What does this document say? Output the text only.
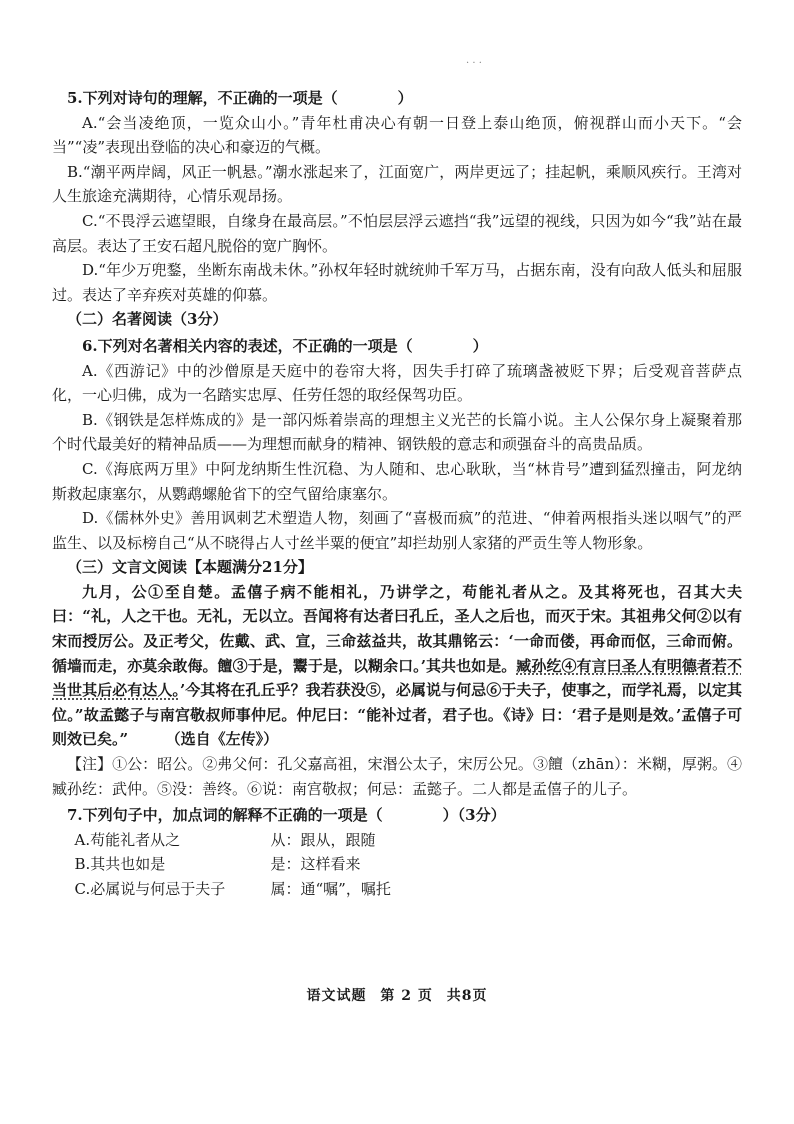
· · ·

5.下列对诗句的理解，不正确的一项是（　　　　）

A.“会当凌绝顶，一览众山小。”青年杜甫决心有朝一日登上泰山绝顶，俯视群山而小天下。“会当”“凌”表现出登临的决心和豪迈的气概。

B.“潮平两岸阔，风正一帆悬。”潮水涨起来了，江面宽广，两岸更远了；挂起帆，乘顺风疾行。王湾对人生旅途充满期待，心情乐观昂扬。

C.“不畏浮云遮望眼，自缘身在最高层。”不怕层层浮云遮挡“我”远望的视线，只因为如今“我”站在最高层。表达了王安石超凡脱俗的宽广胸怀。

D.“年少万兜鍪，坐断东南战未休。”孙权年轻时就统帅千军万马，占据东南，没有向敌人低头和屈服过。表达了辛弃疾对英雄的仰慕。

（二）名著阅读（3分）

6.下列对名著相关内容的表述，不正确的一项是（　　　　）

A.《西游记》中的沙僧原是天庭中的卷帘大将，因失手打碎了琉璃盏被贬下界；后受观音菩萨点化，一心归佛，成为一名踏实忠厚、任劳任怨的取经保驾功臣。

B.《钢铁是怎样炼成的》是一部闪烁着崇高的理想主义光芒的长篇小说。主人公保尔身上凝聚着那个时代最美好的精神品质——为理想而献身的精神、钢铁般的意志和顽强奋斗的高贵品质。

C.《海底两万里》中阿龙纳斯生性沉稳、为人随和、忠心耿耿，当“林肯号”遭到猛烈撞击，阿龙纳斯救起康塞尔，从鹦鹉螺舱省下的空气留给康塞尔。

D.《儒林外史》善用讽刺艺术塑造人物，刻画了“喜极而疯”的范进、“伸着两根指头迷以咽气”的严监生、以及标榜自己“从不晓得占人寸丝半粟的便宜”却拦劫别人家猪的严贡生等人物形象。

（三）文言文阅读【本题满分21分】

九月，公①至自楚。孟僖子病不能相礼，乃讲学之，苟能礼者从之。及其将死也，召其大夫曰：“礼，人之干也。无礼，无以立。吾闻将有达者曰孔丘，圣人之后也，而灭于宋。其祖弗父何②以有宋而授厉公。及正考父，佐戴、武、宣，三命兹益共，故其鼎铭云：‘一命而偻，再命而伛，三命而俯。循墙而走，亦莫余敢侮。饘③于是，鬻于是，以糊余口。’其共也如是。臧孙纥④有言曰圣人有明德者若不当世其后必有达人。’今其将在孔丘乎？我若获没⑤，必属说与何忌⑥于夫子，使事之，而学礼焉，以定其位。”故孟懿子与南宫敬叔师事仲尼。仲尼曰：“能补过者，君子也。《诗》曰：‘君子是则是效。’孟僖子可则效已矣。”	（选自《左传》）

【注】①公：昭公。②弗父何：孔父嘉高祖，宋湣公太子，宋厉公兄。③饘（zhān）：米糊，厚粥。④臧孙纥：武仲。⑤没：善终。⑥说：南宫敬叔；何忌：孟懿子。二人都是孟僖子的儿子。

7.下列句子中，加点词的解释不正确的一项是（　　　　）（3分）

A.苟能礼者从之	从：跟从，跟随
B.其共也如是	是：这样看来
C.必属说与何忌于夫子	属：通“嘱”，嘱托
语文试题 第 2 页 共8页
